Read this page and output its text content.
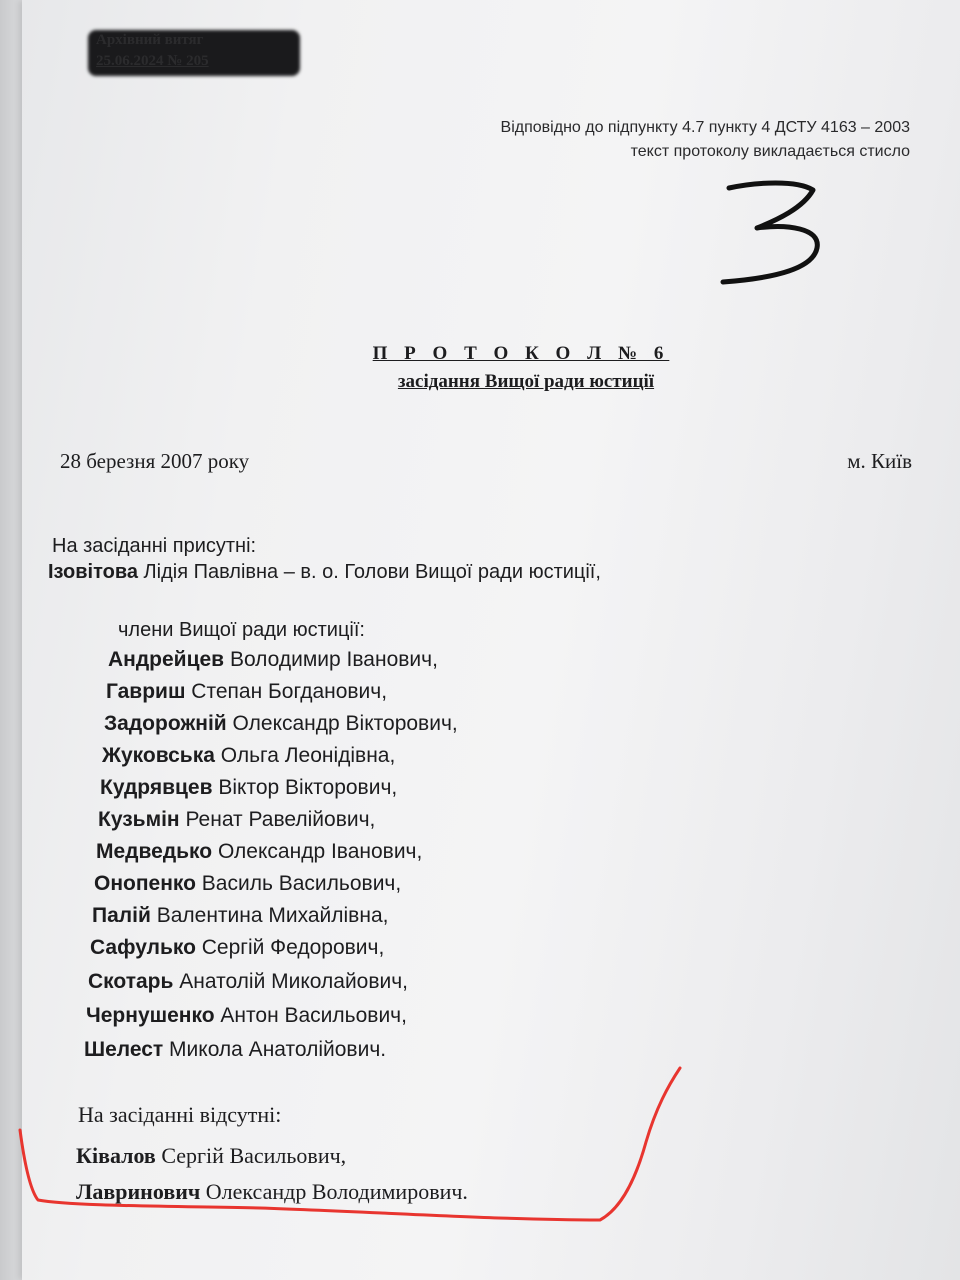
Архівний витяг
25.06.2024 № 205
Відповідно до підпункту 4.7 пункту 4 ДСТУ 4163 – 2003
текст протоколу викладається стисло
П Р О Т О К О Л № 6
засідання Вищої ради юстиції
28 березня 2007 року	м. Київ
На засіданні присутні:
Ізовітова Лідія Павлівна – в. о. Голови Вищої ради юстиції,
члени Вищої ради юстиції:
Андрейцев Володимир Іванович,
Гавриш Степан Богданович,
Задорожній Олександр Вікторович,
Жуковська Ольга Леонідівна,
Кудрявцев Віктор Вікторович,
Кузьмін Ренат Равелійович,
Медведько Олександр Іванович,
Онопенко Василь Васильович,
Палій Валентина Михайлівна,
Сафулько Сергій Федорович,
Скотарь Анатолій Миколайович,
Чернушенко Антон Васильович,
Шелест Микола Анатолійович.
На засіданні відсутні:
Ківалов Сергій Васильович,
Лавринович Олександр Володимирович.
